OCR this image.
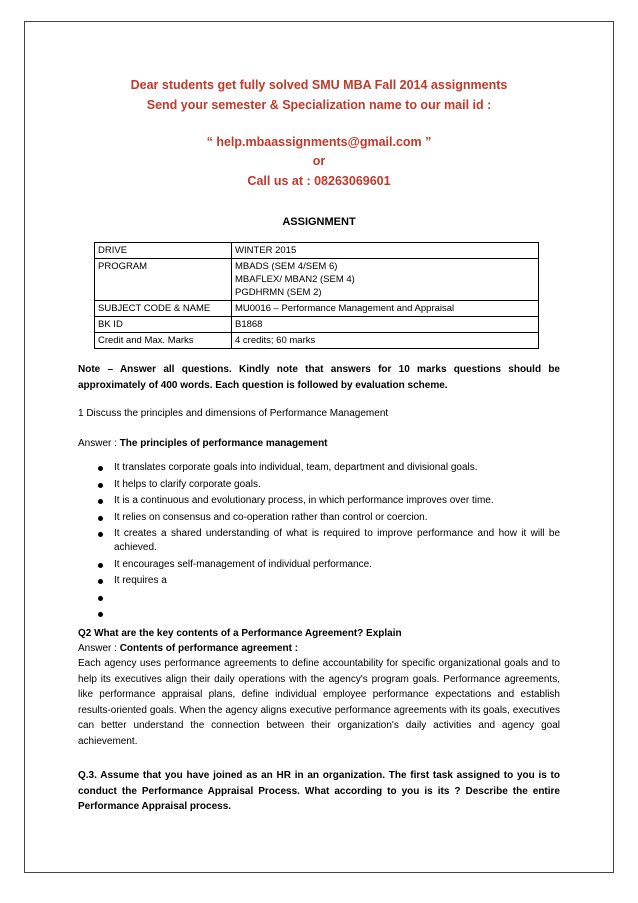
Dear students get fully solved SMU MBA Fall 2014 assignments
Send your semester & Specialization name to our mail id :
“ help.mbaassignments@gmail.com ”
or
Call us at : 08263069601
ASSIGNMENT
DRIVE	WINTER 2015
PROGRAM	MBADS (SEM 4/SEM 6)
MBAFLEX/ MBAN2 (SEM 4)
PGDHRMN (SEM 2)

SUBJECT CODE & NAME	MU0016 – Performance Management and Appraisal
BK ID	B1868
Credit and Max. Marks	4 credits; 60 marks
Note – Answer all questions. Kindly note that answers for 10 marks questions should be approximately of 400 words. Each question is followed by evaluation scheme.
1 Discuss the principles and dimensions of Performance Management
Answer : The principles of performance management
It translates corporate goals into individual, team, department and divisional goals.
It helps to clarify corporate goals.
It is a continuous and evolutionary process, in which performance improves over time.
It relies on consensus and co-operation rather than control or coercion.
It creates a shared understanding of what is required to improve performance and how it will be achieved.
It encourages self-management of individual performance.
It requires a
Q2 What are the key contents of a Performance Agreement? Explain
Answer : Contents of performance agreement :
Each agency uses performance agreements to define accountability for specific organizational goals and to help its executives align their daily operations with the agency's program goals. Performance agreements, like performance appraisal plans, define individual employee performance expectations and establish results-oriented goals. When the agency aligns executive performance agreements with its goals, executives can better understand the connection between their organization's daily activities and agency goal achievement.
Q.3. Assume that you have joined as an HR in an organization. The first task assigned to you is to conduct the Performance Appraisal Process. What according to you is its ? Describe the entire Performance Appraisal process.
